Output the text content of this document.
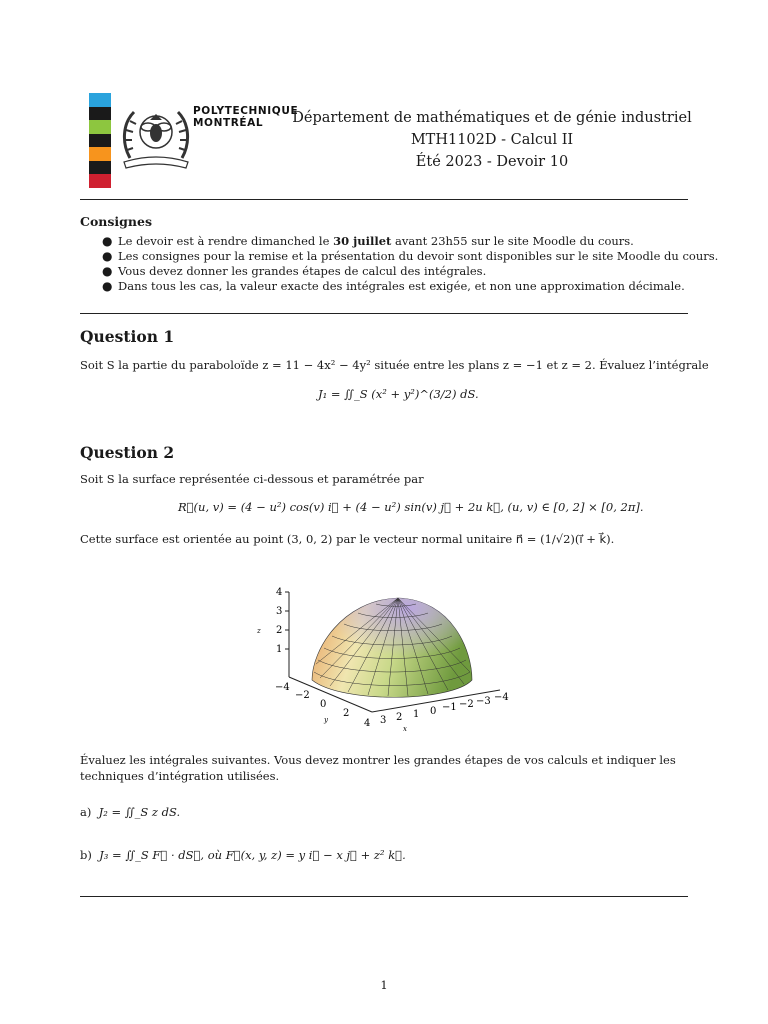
POLYTECHNIQUE
MONTRÉAL	Département de mathématiques et de génie industriel
MTH1102D - Calcul II
Été 2023 - Devoir 10
Consignes
● Le devoir est à rendre dimanched le 30 juillet avant 23h55 sur le site Moodle du cours.
● Les consignes pour la remise et la présentation du devoir sont disponibles sur le site Moodle du cours.
● Vous devez donner les grandes étapes de calcul des intégrales.
● Dans tous les cas, la valeur exacte des intégrales est exigée, et non une approximation décimale.
Question 1
Soit S la partie du paraboloïde z = 11 − 4x² − 4y² située entre les plans z = −1 et z = 2. Évaluez l’intégrale
J₁ = ∬_S (x² + y²)^(3/2) dS.
Question 2
Soit S la surface représentée ci-dessous et paramétrée par
R⃗(u, v) = (4 − u²) cos(v) i⃗ + (4 − u²) sin(v) j⃗ + 2u k⃗, (u, v) ∈ [0, 2] × [0, 2π].
Cette surface est orientée au point (3, 0, 2) par le vecteur normal unitaire n⃗ = (1/√2)(i⃗ + k⃗).
4
3
2
1
z
−4
−2
0
2
4
y	3 2 1 0 −1 −2 −3 −4
x
Évaluez les intégrales suivantes. Vous devez montrer les grandes étapes de vos calculs et indiquer les techniques d’intégration utilisées.
a) J₂ = ∬_S z dS.
b) J₃ = ∬_S F⃗ · dS⃗, où F⃗(x, y, z) = y i⃗ − x j⃗ + z² k⃗.
1
